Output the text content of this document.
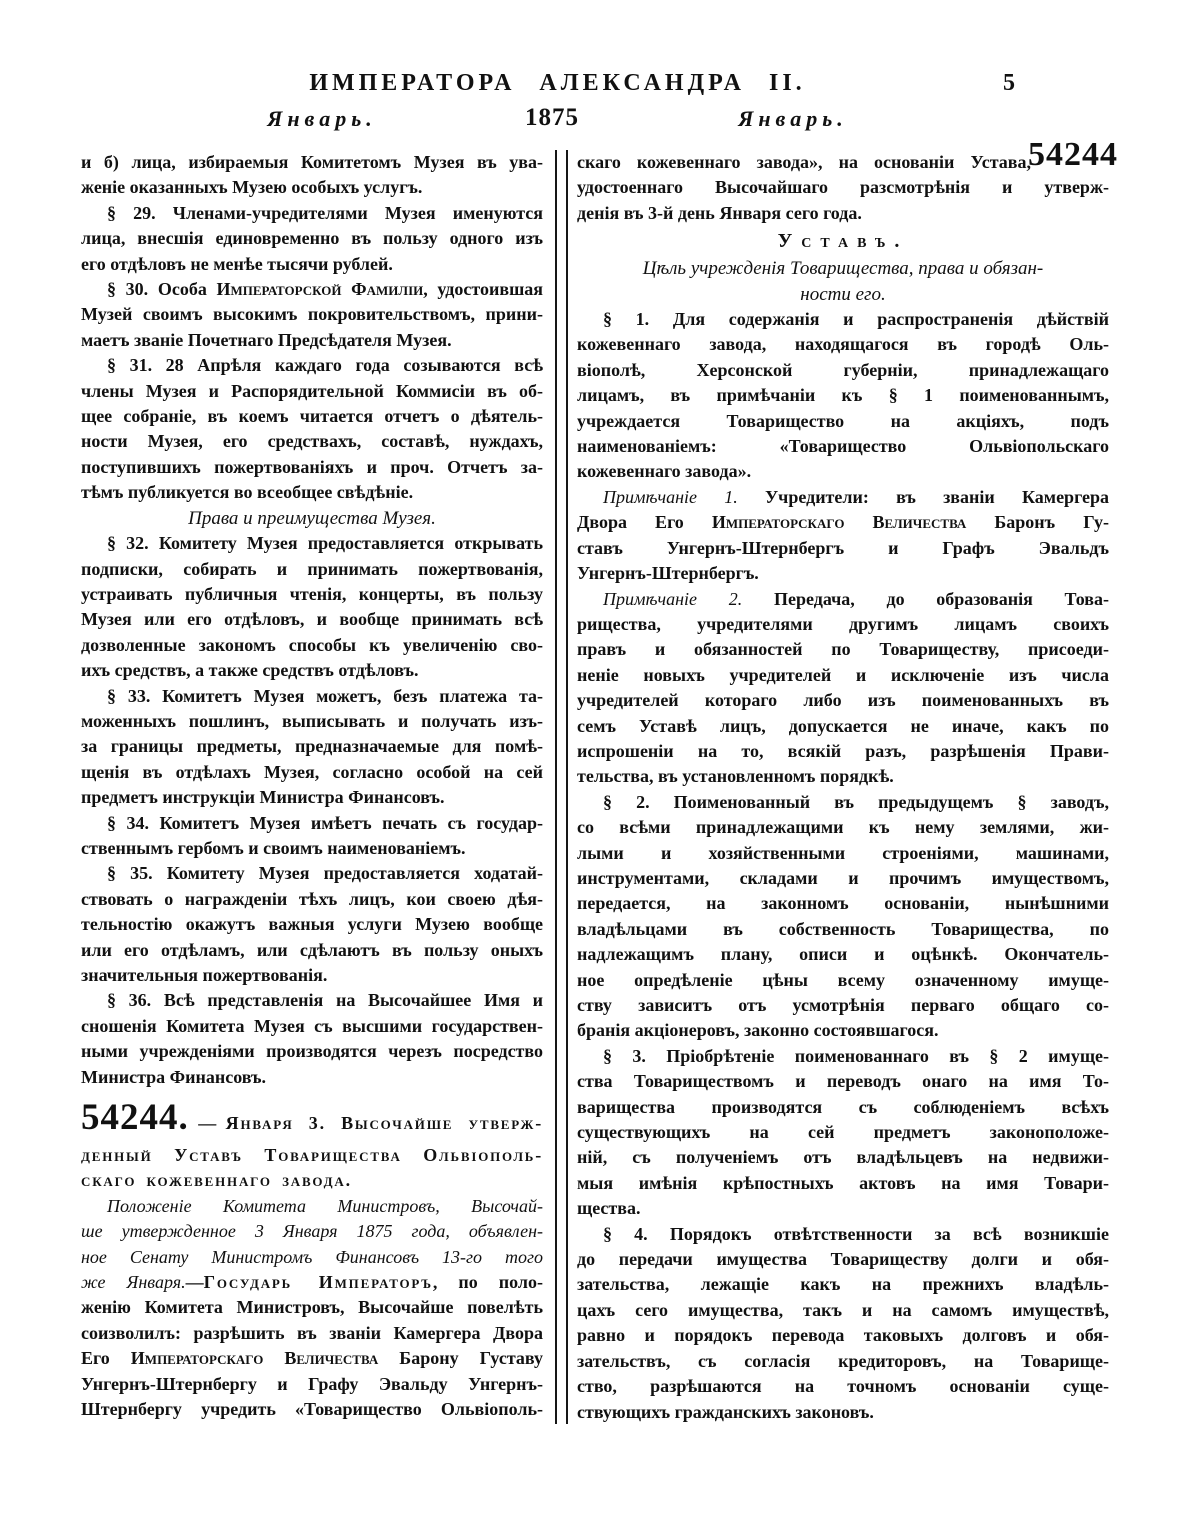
ИМПЕРАТОРА АЛЕКСАНДРА II.	5
Январь.	1875	Январь.
и б) лица, избираемыя Комитетомъ Музея въ ува-
женіе оказанныхъ Музею особыхъ услугъ.
§ 29. Членами-учредителями Музея именуются
лица, внесшія единовременно въ пользу одного изъ
его отдѣловъ не менѣе тысячи рублей.
§ 30. Особа Императорской Фамиліи, удостоившая
Музей своимъ высокимъ покровительствомъ, прини-
маетъ званіе Почетнаго Предсѣдателя Музея.
§ 31. 28 Апрѣля каждаго года созываются всѣ
члены Музея и Распорядительной Коммисіи въ об-
щее собраніе, въ коемъ читается отчетъ о дѣятель-
ности Музея, его средствахъ, составѣ, нуждахъ,
поступившихъ пожертвованіяхъ и проч. Отчетъ за-
тѣмъ публикуется во всеобщее свѣдѣніе.
Права и преимущества Музея.
§ 32. Комитету Музея предоставляется открывать
подписки, собирать и принимать пожертвованія,
устраивать публичныя чтенія, концерты, въ пользу
Музея или его отдѣловъ, и вообще принимать всѣ
дозволенные закономъ способы къ увеличенію сво-
ихъ средствъ, а также средствъ отдѣловъ.
§ 33. Комитетъ Музея можетъ, безъ платежа та-
моженныхъ пошлинъ, выписывать и получать изъ-
за границы предметы, предназначаемые для помѣ-
щенія въ отдѣлахъ Музея, согласно особой на сей
предметъ инструкціи Министра Финансовъ.
§ 34. Комитетъ Музея имѣетъ печать съ государ-
ственнымъ гербомъ и своимъ наименованіемъ.
§ 35. Комитету Музея предоставляется ходатай-
ствовать о награжденіи тѣхъ лицъ, кои своею дѣя-
тельностію окажутъ важныя услуги Музею вообще
или его отдѣламъ, или сдѣлаютъ въ пользу оныхъ
значительныя пожертвованія.
§ 36. Всѣ представленія на Высочайшее Имя и
сношенія Комитета Музея съ высшими государствен-
ными учрежденіями производятся черезъ посредство
Министра Финансовъ.
54244. — Января 3. Высочайше утверж-
денный Уставъ Товарищества Ольвіополь-
скаго кожевеннаго завода.
Положеніе Комитета Министровъ, Высочай-
ше утвержденное 3 Января 1875 года, объявлен-
ное Сенату Министромъ Финансовъ 13-го того
же Января.—Государь Императоръ, по поло-
женію Комитета Министровъ, Высочайше повелѣть
соизволилъ: разрѣшить въ званіи Камергера Двора
Его Императорскаго Величества Барону Густаву
Унгернъ-Штернбергу и Графу Эвальду Унгернъ-
Штернбергу учредить «Товарищество Ольвіополь-
скаго кожевеннаго завода», на основаніи Устава,
удостоеннаго Высочайшаго разсмотрѣнія и утверж-
денія въ 3-й день Января сего года.
Уставъ.
Цѣль учрежденія Товарищества, права и обязан-
ности его.
§ 1. Для содержанія и распространенія дѣйствій
кожевеннаго завода, находящагося въ городѣ Оль-
віополѣ, Херсонской губерніи, принадлежащаго
лицамъ, въ примѣчаніи къ § 1 поименованнымъ,
учреждается Товарищество на акціяхъ, подъ
наименованіемъ: «Товарищество Ольвіопольскаго
кожевеннаго завода».
Примѣчаніе 1. Учредители: въ званіи Камергера
Двора Его Императорскаго Величества Баронъ Гу-
ставъ Унгернъ-Штернбергъ и Графъ Эвальдъ
Унгернъ-Штернбергъ.
Примѣчаніе 2. Передача, до образованія Това-
рищества, учредителями другимъ лицамъ своихъ
правъ и обязанностей по Товариществу, присоеди-
неніе новыхъ учредителей и исключеніе изъ числа
учредителей котораго либо изъ поименованныхъ въ
семъ Уставѣ лицъ, допускается не иначе, какъ по
испрошеніи на то, всякій разъ, разрѣшенія Прави-
тельства, въ установленномъ порядкѣ.
§ 2. Поименованный въ предыдущемъ § заводъ,
со всѣми принадлежащими къ нему землями, жи-
лыми и хозяйственными строеніями, машинами,
инструментами, складами и прочимъ имуществомъ,
передается, на законномъ основаніи, нынѣшними
владѣльцами въ собственность Товарищества, по
надлежащимъ плану, описи и оцѣнкѣ. Окончатель-
ное опредѣленіе цѣны всему означенному имуще-
ству зависитъ отъ усмотрѣнія перваго общаго со-
бранія акціонеровъ, законно состоявшагося.
§ 3. Пріобрѣтеніе поименованнаго въ § 2 имуще-
ства Товариществомъ и переводъ онаго на имя То-
варищества производятся съ соблюденіемъ всѣхъ
существующихъ на сей предметъ законоположе-
ній, съ полученіемъ отъ владѣльцевъ на недвижи-
мыя имѣнія крѣпостныхъ актовъ на имя Товари-
щества.
§ 4. Порядокъ отвѣтственности за всѣ возникшіе
до передачи имущества Товариществу долги и обя-
зательства, лежащіе какъ на прежнихъ владѣль-
цахъ сего имущества, такъ и на самомъ имуществѣ,
равно и порядокъ перевода таковыхъ долговъ и обя-
зательствъ, съ согласія кредиторовъ, на Товарище-
ство, разрѣшаются на точномъ основаніи суще-
ствующихъ гражданскихъ законовъ.
54244
